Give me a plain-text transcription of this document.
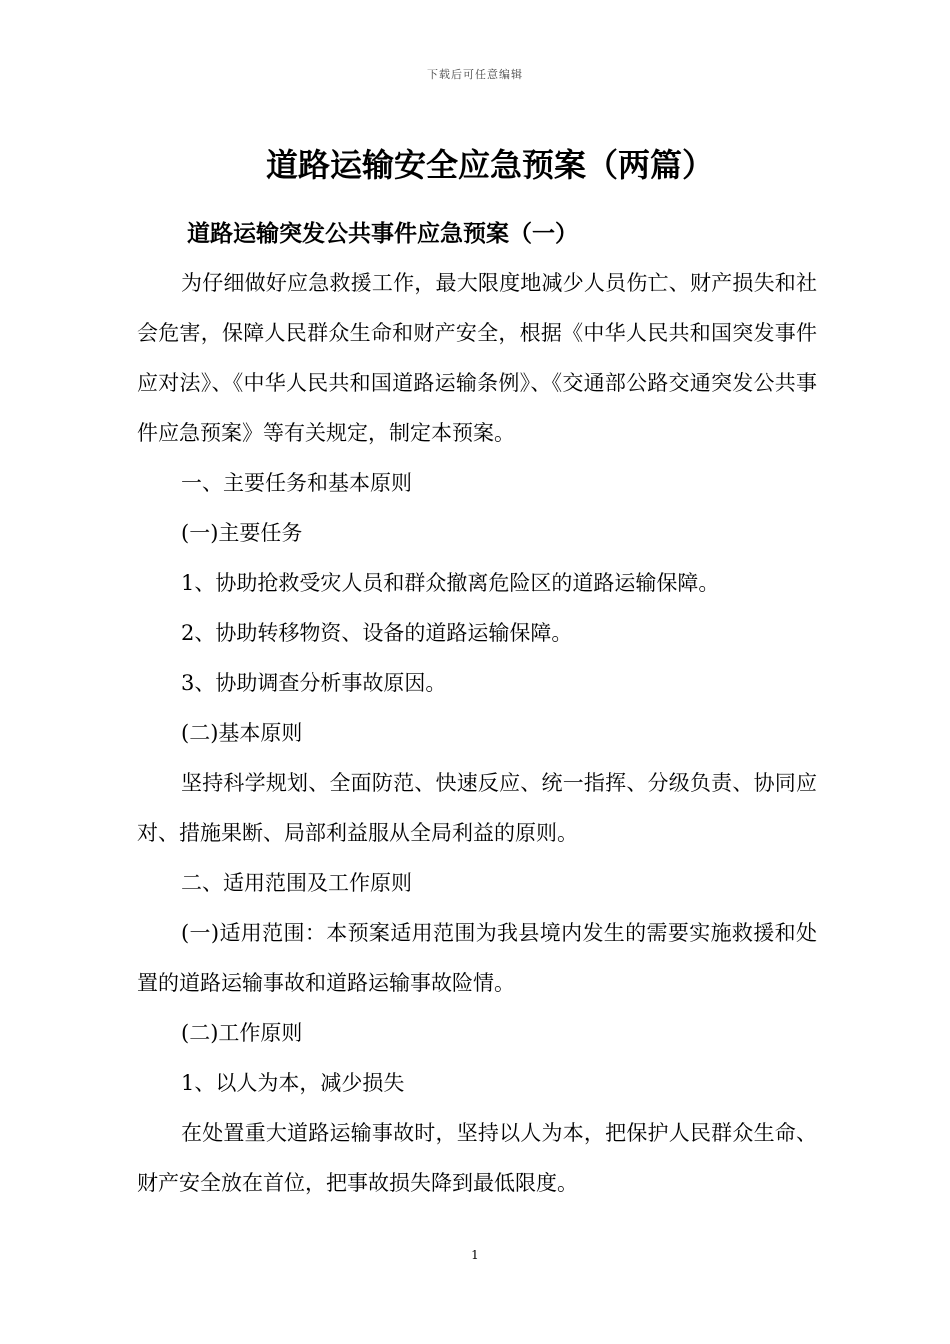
下载后可任意编辑
道路运输安全应急预案（两篇）
道路运输突发公共事件应急预案（一）

为仔细做好应急救援工作，最大限度地减少人员伤亡、财产损失和社会危害，保障人民群众生命和财产安全，根据《中华人民共和国突发事件应对法》、《中华人民共和国道路运输条例》、《交通部公路交通突发公共事件应急预案》等有关规定，制定本预案。

一、主要任务和基本原则

(一)主要任务

1、协助抢救受灾人员和群众撤离危险区的道路运输保障。

2、协助转移物资、设备的道路运输保障。

3、协助调查分析事故原因。

(二)基本原则

坚持科学规划、全面防范、快速反应、统一指挥、分级负责、协同应对、措施果断、局部利益服从全局利益的原则。

二、适用范围及工作原则

(一)适用范围：本预案适用范围为我县境内发生的需要实施救援和处置的道路运输事故和道路运输事故险情。

(二)工作原则

1、以人为本，减少损失

在处置重大道路运输事故时，坚持以人为本，把保护人民群众生命、财产安全放在首位，把事故损失降到最低限度。

1
